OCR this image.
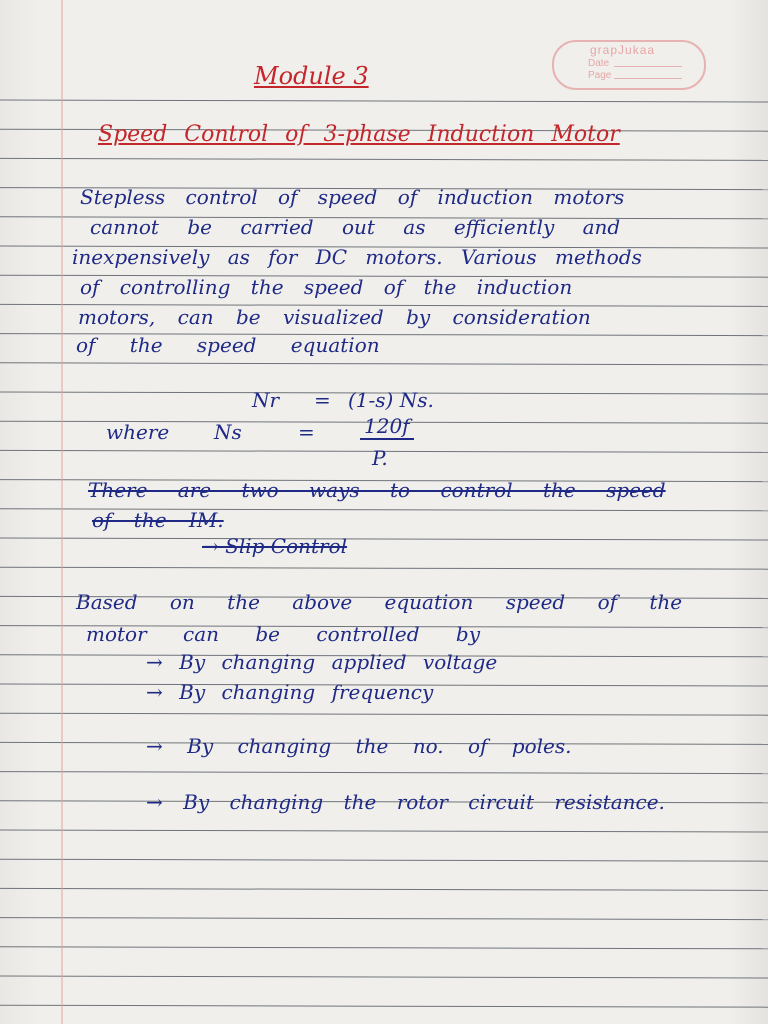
grapJukaa
Date
Page
Module 3
Speed Control of 3-phase Induction Motor
Stepless control of speed of induction motors
cannot be carried out as efficiently and
inexpensively as for DC motors. Various methods
of controlling the speed of the induction
motors, can be visualized by consideration
of the speed equation
Nr = (1-s) Ns.
where Ns	= 120f
P.
There are two ways to control the speed
of the IM.
→ Slip Control
Based on the above equation speed of the
motor can be controlled by
→ By changing applied voltage
→ By changing frequency
→ By changing the no. of poles.
→ By changing the rotor circuit resistance.
